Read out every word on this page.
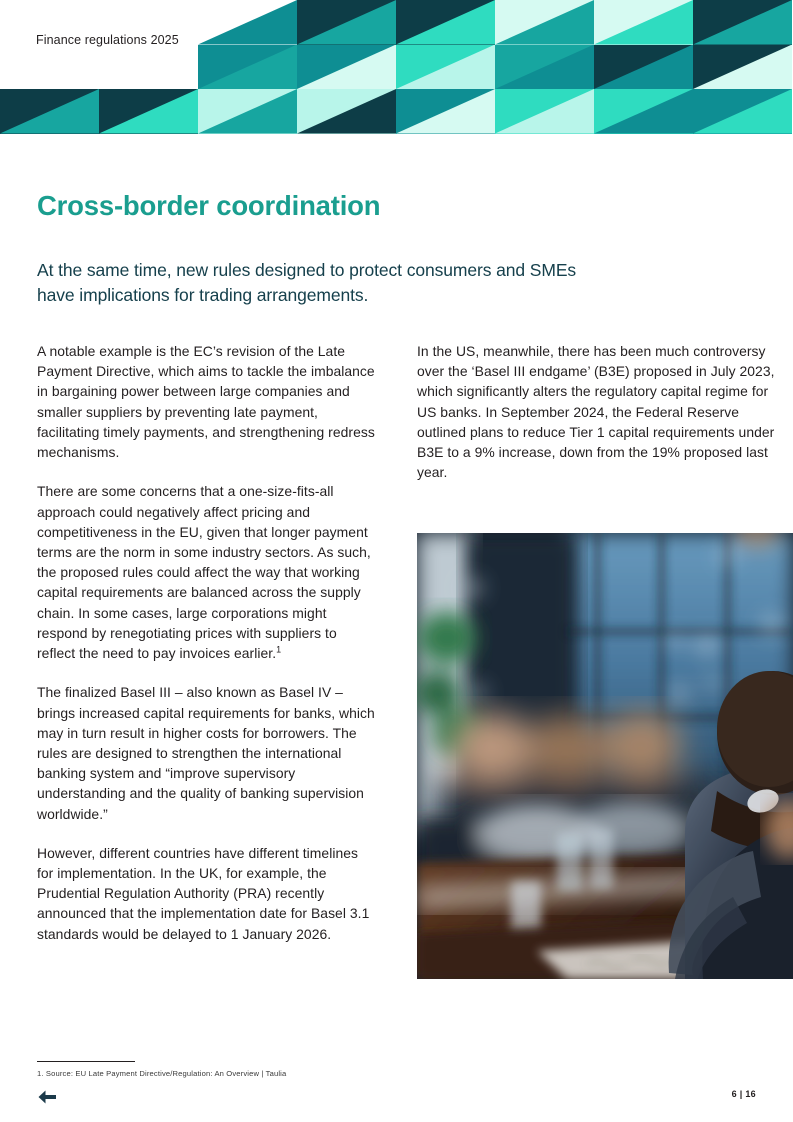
Finance regulations 2025
Cross-border coordination

At the same time, new rules designed to protect consumers and SMEs have implications for trading arrangements.

A notable example is the EC’s revision of the Late Payment Directive, which aims to tackle the imbalance in bargaining power between large companies and smaller suppliers by preventing late payment, facilitating timely payments, and strengthening redress mechanisms.

There are some concerns that a one-size-fits-all approach could negatively affect pricing and competitiveness in the EU, given that longer payment terms are the norm in some industry sectors. As such, the proposed rules could affect the way that working capital requirements are balanced across the supply chain. In some cases, large corporations might respond by renegotiating prices with suppliers to reflect the need to pay invoices earlier.$^1$

The finalized Basel III – also known as Basel IV – brings increased capital requirements for banks, which may in turn result in higher costs for borrowers. The rules are designed to strengthen the international banking system and “improve supervisory understanding and the quality of banking supervision worldwide.”

However, different countries have different timelines for implementation. In the UK, for example, the Prudential Regulation Authority (PRA) recently announced that the implementation date for Basel 3.1 standards would be delayed to 1 January 2026.

In the US, meanwhile, there has been much controversy over the ‘Basel III endgame’ (B3E) proposed in July 2023, which significantly alters the regulatory capital regime for US banks. In September 2024, the Federal Reserve outlined plans to reduce Tier 1 capital requirements under B3E to a 9% increase, down from the 19% proposed last year.

1. Source: EU Late Payment Directive/Regulation: An Overview | Taulia
6 | 16
